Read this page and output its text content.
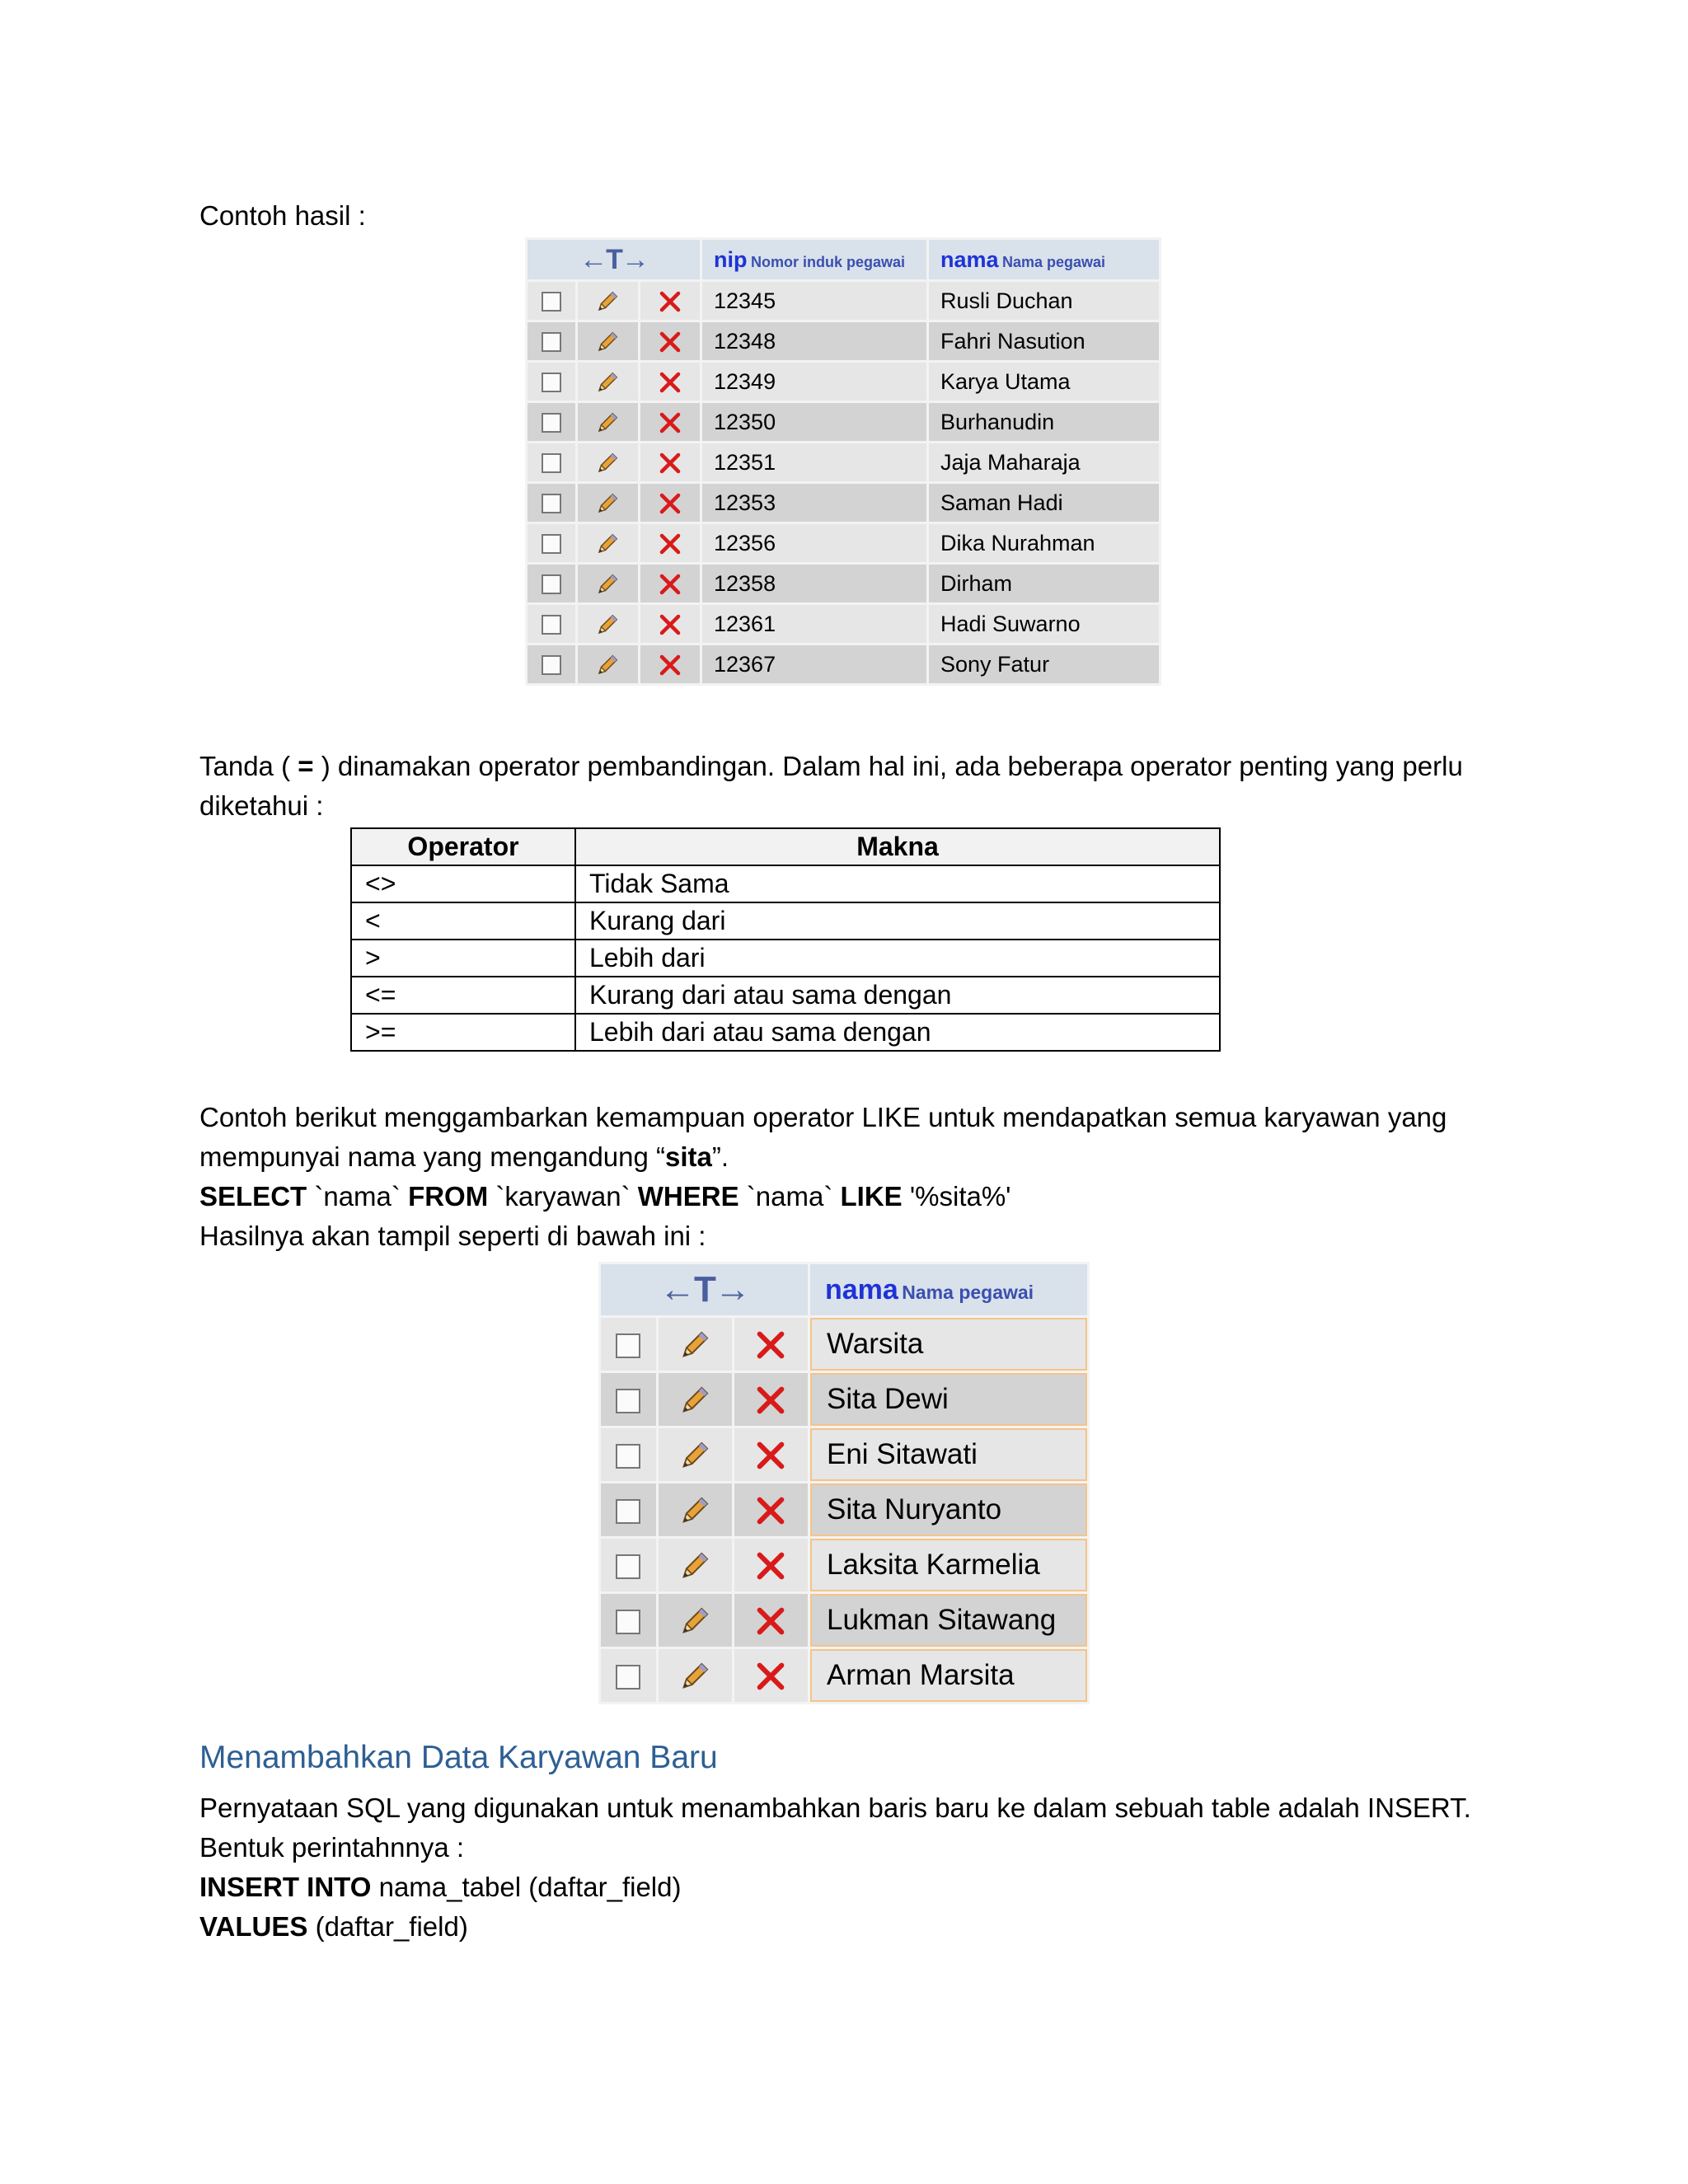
Contoh hasil :
←T→			nip Nomor induk pegawai	nama Nama pegawai
			12345	Rusli Duchan
			12348	Fahri Nasution
			12349	Karya Utama
			12350	Burhanudin
			12351	Jaja Maharaja
			12353	Saman Hadi
			12356	Dika Nurahman
			12358	Dirham
			12361	Hadi Suwarno
			12367	Sony Fatur
Tanda ( = ) dinamakan operator pembandingan. Dalam hal ini, ada beberapa operator penting yang perlu diketahui :
Operator	Makna
<>	Tidak Sama
<	Kurang dari
>	Lebih dari
<=	Kurang dari atau sama dengan
>=	Lebih dari atau sama dengan
Contoh berikut menggambarkan kemampuan operator LIKE untuk mendapatkan semua karyawan yang mempunyai nama yang mengandung “sita”.
SELECT `nama` FROM `karyawan` WHERE `nama` LIKE '%sita%'
Hasilnya akan tampil seperti di bawah ini :
←T→			nama Nama pegawai
			Warsita
			Sita Dewi
			Eni Sitawati
			Sita Nuryanto
			Laksita Karmelia
			Lukman Sitawang
			Arman Marsita
Menambahkan Data Karyawan Baru
Pernyataan SQL yang digunakan untuk menambahkan baris baru ke dalam sebuah table adalah INSERT.
Bentuk perintahnnya :
INSERT INTO nama_tabel (daftar_field)
VALUES (daftar_field)
